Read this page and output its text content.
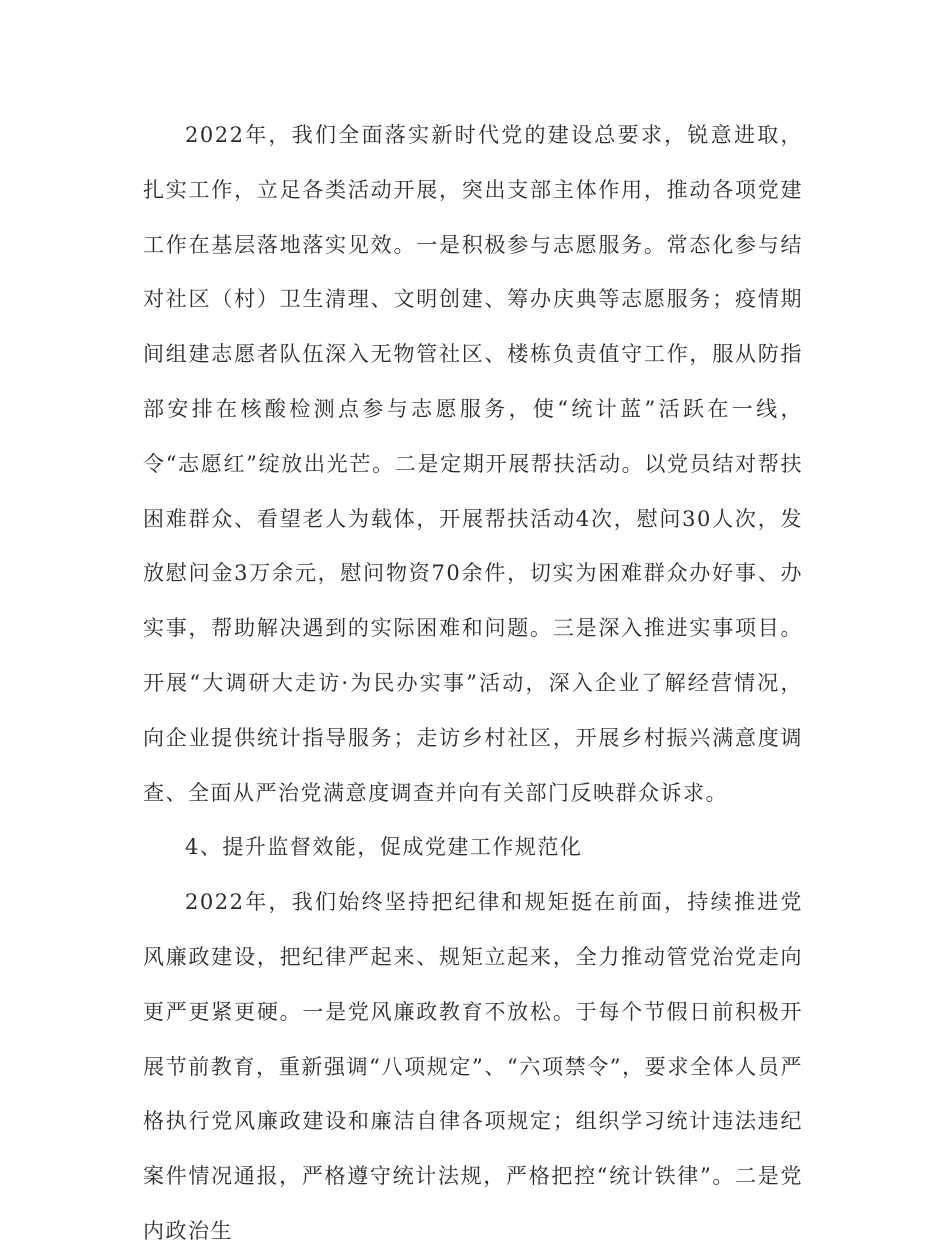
2022年，我们全面落实新时代党的建设总要求，锐意进取，扎实工作，立足各类活动开展，突出支部主体作用，推动各项党建工作在基层落地落实见效。一是积极参与志愿服务。常态化参与结对社区（村）卫生清理、文明创建、筹办庆典等志愿服务；疫情期间组建志愿者队伍深入无物管社区、楼栋负责值守工作，服从防指部安排在核酸检测点参与志愿服务，使“统计蓝”活跃在一线，令“志愿红”绽放出光芒。二是定期开展帮扶活动。以党员结对帮扶困难群众、看望老人为载体，开展帮扶活动4次，慰问30人次，发放慰问金3万余元，慰问物资70余件，切实为困难群众办好事、办实事，帮助解决遇到的实际困难和问题。三是深入推进实事项目。开展“大调研大走访·为民办实事”活动，深入企业了解经营情况，向企业提供统计指导服务；走访乡村社区，开展乡村振兴满意度调查、全面从严治党满意度调查并向有关部门反映群众诉求。

4、提升监督效能，促成党建工作规范化

2022年，我们始终坚持把纪律和规矩挺在前面，持续推进党风廉政建设，把纪律严起来、规矩立起来，全力推动管党治党走向更严更紧更硬。一是党风廉政教育不放松。于每个节假日前积极开展节前教育，重新强调“八项规定”、“六项禁令”，要求全体人员严格执行党风廉政建设和廉洁自律各项规定；组织学习统计违法违纪案件情况通报，严格遵守统计法规，严格把控“统计铁律”。二是党内政治生
